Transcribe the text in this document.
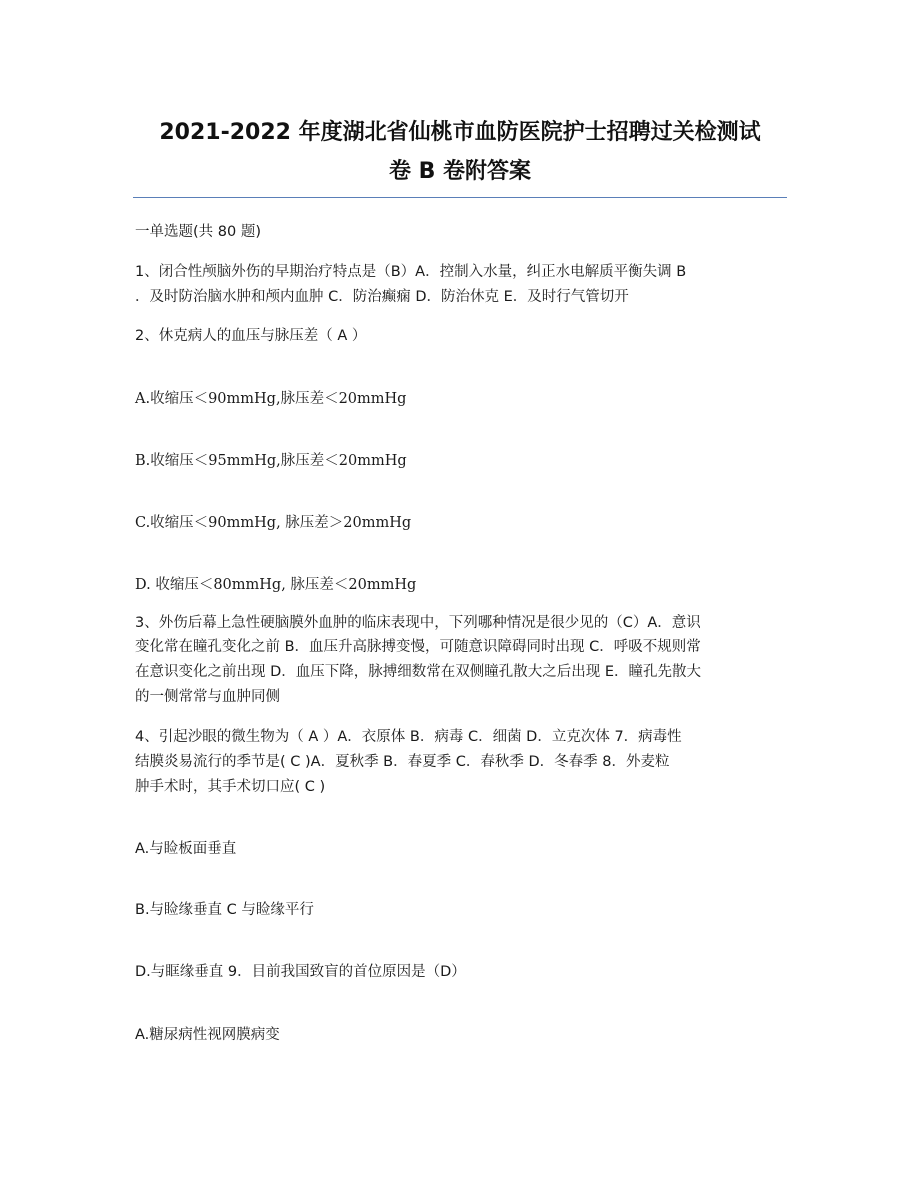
2021-2022 年度湖北省仙桃市血防医院护士招聘过关检测试
卷 B 卷附答案
一单选题(共 80 题)
1、闭合性颅脑外伤的早期治疗特点是（B）A．控制入水量，纠正水电解质平衡失调 B
．及时防治脑水肿和颅内血肿 C．防治癫痫 D．防治休克 E．及时行气管切开
2、休克病人的血压与脉压差（ A ）
A.收缩压＜90mmHg,脉压差＜20mmHg
B.收缩压＜95mmHg,脉压差＜20mmHg
C.收缩压＜90mmHg, 脉压差＞20mmHg
D. 收缩压＜80mmHg, 脉压差＜20mmHg
3、外伤后幕上急性硬脑膜外血肿的临床表现中，下列哪种情况是很少见的（C）A．意识
变化常在瞳孔变化之前 B．血压升高脉搏变慢，可随意识障碍同时出现 C．呼吸不规则常
在意识变化之前出现 D．血压下降，脉搏细数常在双侧瞳孔散大之后出现 E．瞳孔先散大
的一侧常常与血肿同侧
4、引起沙眼的微生物为（ A ）A．衣原体 B．病毒 C．细菌 D．立克次体 7．病毒性
结膜炎易流行的季节是( C )A．夏秋季 B．春夏季 C．春秋季 D．冬春季 8．外麦粒
肿手术时，其手术切口应( C )
A.与睑板面垂直
B.与睑缘垂直 C 与睑缘平行
D.与眶缘垂直 9．目前我国致盲的首位原因是（D）
A.糖尿病性视网膜病变
